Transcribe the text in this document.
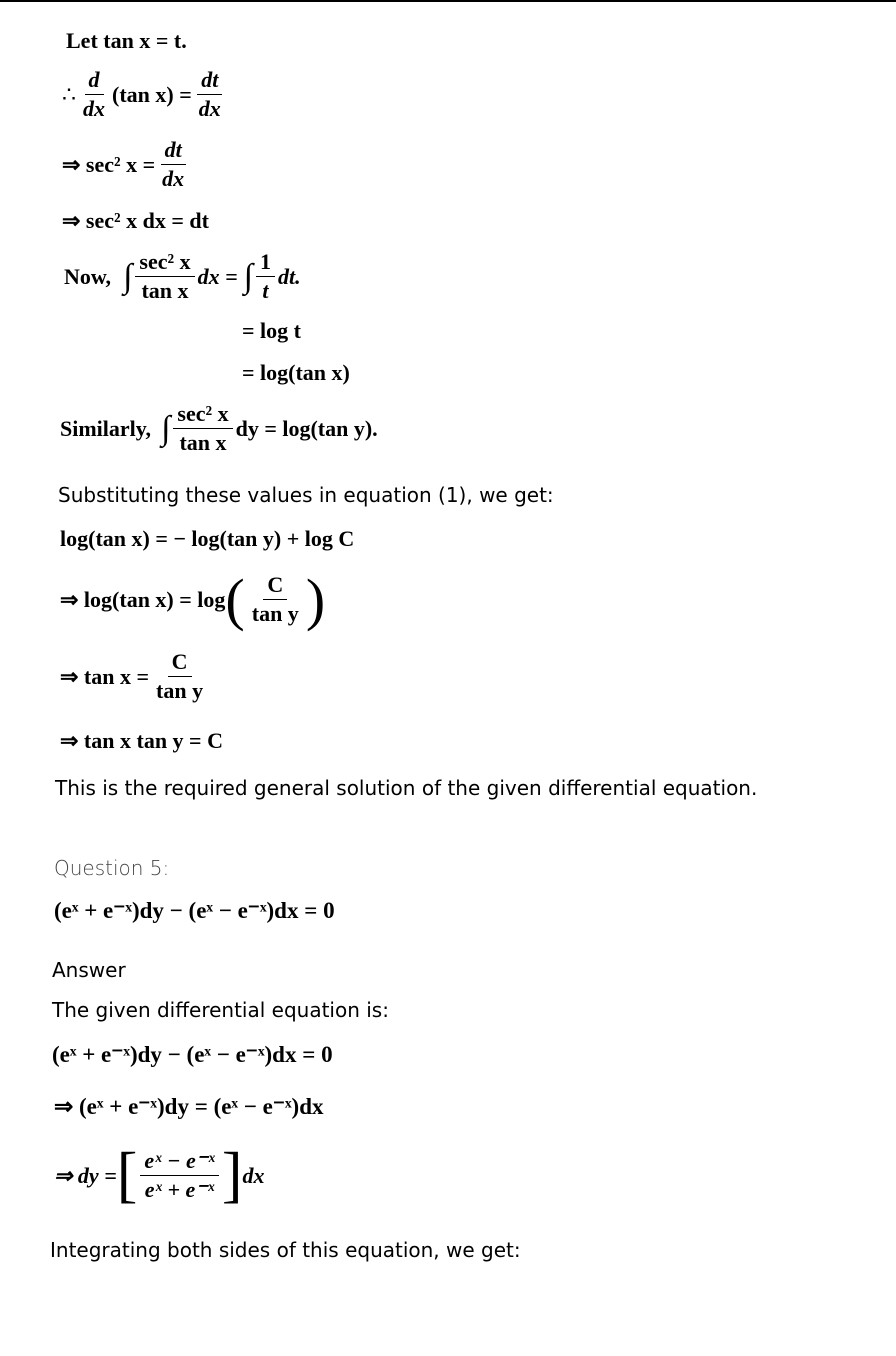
Let tan x = t.
∴ $\frac{d}{dx} (\tan$ $x) = \frac{dt}{dx}$
⇒ sec² $x = \frac{dt}{dx}$
⇒ sec² x dx = dt
Now, ∫ $\frac{\text{sec² x}}{\text{tan x}}$ dx = ∫ $\frac{1}{t}$ dt.
= log t
= log(tan x)
Similarly, ∫ $\frac{\text{sec² x}}{\text{tan x}}$ dy = log(tan y).
Substituting these values in equation (1), we get:
log(tan x) = − log(tan y) + log C
⇒ log(tan x) = log ( $\frac{C}{\text{tan y}}$ )
⇒ $\tan x = \frac{C}{\text{tan y}}$
⇒ tan x tan y = C
This is the required general solution of the given differential equation.
Question 5:
(eˣ + e⁻ˣ)dy − (eˣ − e⁻ˣ)dx = 0
Answer
The given differential equation is:
(eˣ + e⁻ˣ)dy − (eˣ − e⁻ˣ)dx = 0
⇒ (eˣ + e⁻ˣ)dy = (eˣ − e⁻ˣ)dx
⇒ dy = [ $\frac{\text{eˣ − e⁻ˣ}}{\text{eˣ + e⁻ˣ}}$ ] dx
Integrating both sides of this equation, we get:
